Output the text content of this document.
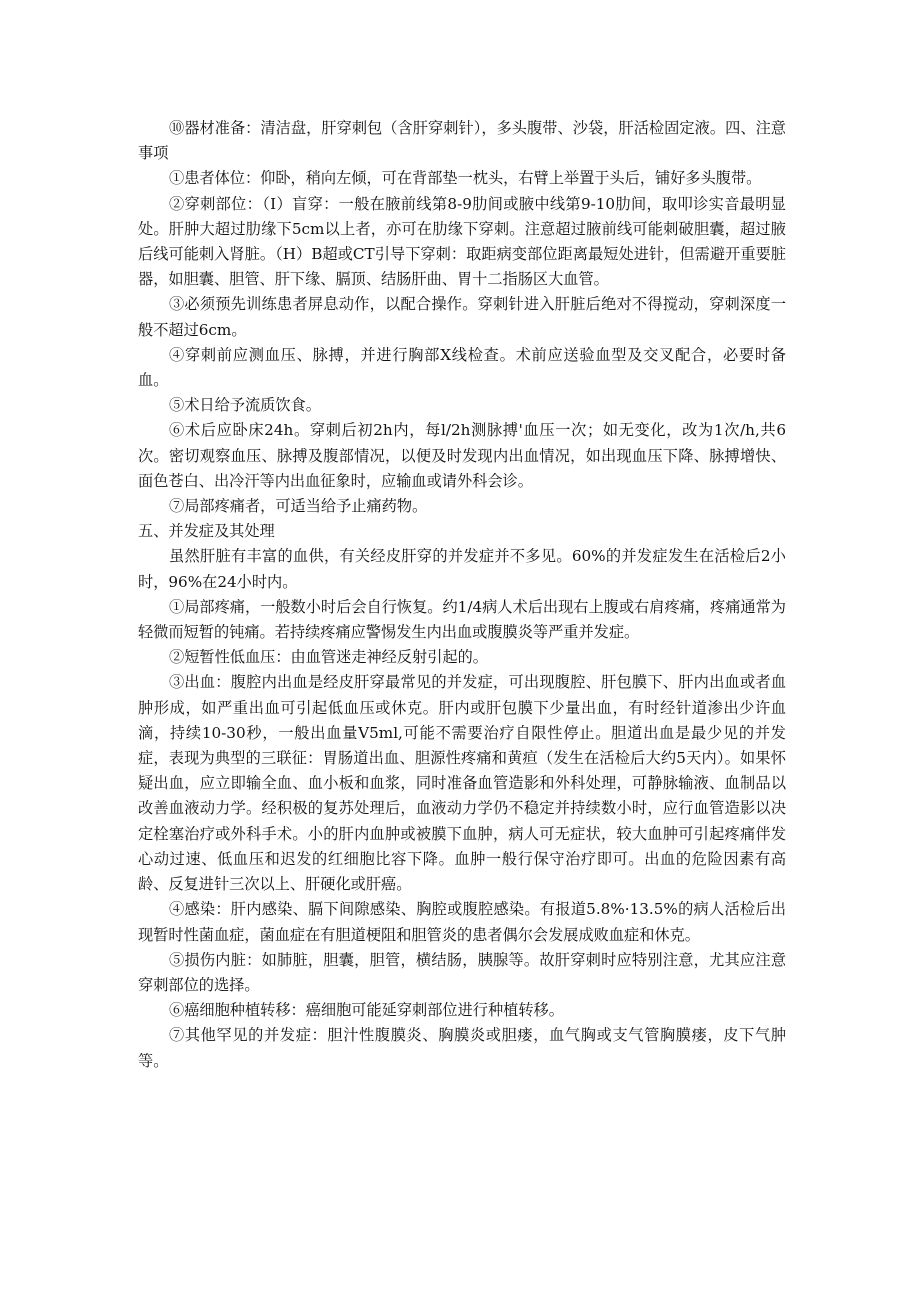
⑩器材准备：清洁盘，肝穿刺包（含肝穿刺针），多头腹带、沙袋，肝活检固定液。四、注意事项

①患者体位：仰卧，稍向左倾，可在背部垫一枕头，右臂上举置于头后，铺好多头腹带。

②穿刺部位：（I）盲穿：一般在腋前线第8-9肋间或腋中线第9-10肋间，取叩诊实音最明显处。肝肿大超过肋缘下5cm以上者，亦可在肋缘下穿刺。注意超过腋前线可能刺破胆囊，超过腋后线可能刺入肾脏。（H）B超或CT引导下穿刺：取距病变部位距离最短处进针，但需避开重要脏器，如胆囊、胆管、肝下缘、膈顶、结肠肝曲、胃十二指肠区大血管。

③必须预先训练患者屏息动作，以配合操作。穿刺针进入肝脏后绝对不得搅动，穿刺深度一般不超过6cm。

④穿刺前应测血压、脉搏，并进行胸部X线检查。术前应送验血型及交叉配合，必要时备血。

⑤术日给予流质饮食。

⑥术后应卧床24h。穿刺后初2h内，每l/2h测脉搏'血压一次；如无变化，改为1次/h,共6次。密切观察血压、脉搏及腹部情况，以便及时发现内出血情况，如出现血压下降、脉搏增快、面色苍白、出冷汗等内出血征象时，应输血或请外科会诊。

⑦局部疼痛者，可适当给予止痛药物。

五、并发症及其处理

虽然肝脏有丰富的血供，有关经皮肝穿的并发症并不多见。60%的并发症发生在活检后2小时，96%在24小时内。

①局部疼痛，一般数小时后会自行恢复。约1/4病人术后出现右上腹或右肩疼痛，疼痛通常为轻微而短暂的钝痛。若持续疼痛应警惕发生内出血或腹膜炎等严重并发症。

②短暂性低血压：由血管迷走神经反射引起的。

③出血：腹腔内出血是经皮肝穿最常见的并发症，可出现腹腔、肝包膜下、肝内出血或者血肿形成，如严重出血可引起低血压或休克。肝内或肝包膜下少量出血，有时经针道渗出少许血滴，持续10-30秒，一般出血量V5ml,可能不需要治疗自限性停止。胆道出血是最少见的并发症，表现为典型的三联征：胃肠道出血、胆源性疼痛和黄疸（发生在活检后大约5天内）。如果怀疑出血，应立即输全血、血小板和血浆，同时准备血管造影和外科处理，可静脉输液、血制品以改善血液动力学。经积极的复苏处理后，血液动力学仍不稳定并持续数小时，应行血管造影以决定栓塞治疗或外科手术。小的肝内血肿或被膜下血肿，病人可无症状，较大血肿可引起疼痛伴发心动过速、低血压和迟发的红细胞比容下降。血肿一般行保守治疗即可。出血的危险因素有高龄、反复进针三次以上、肝硬化或肝癌。

④感染：肝内感染、膈下间隙感染、胸腔或腹腔感染。有报道5.8%·13.5%的病人活检后出现暂时性菌血症，菌血症在有胆道梗阻和胆管炎的患者偶尔会发展成败血症和休克。

⑤损伤内脏：如肺脏，胆囊，胆管，横结肠，胰腺等。故肝穿刺时应特别注意，尤其应注意穿刺部位的选择。

⑥癌细胞种植转移：癌细胞可能延穿刺部位进行种植转移。

⑦其他罕见的并发症：胆汁性腹膜炎、胸膜炎或胆瘘，血气胸或支气管胸膜瘘，皮下气肿等。
